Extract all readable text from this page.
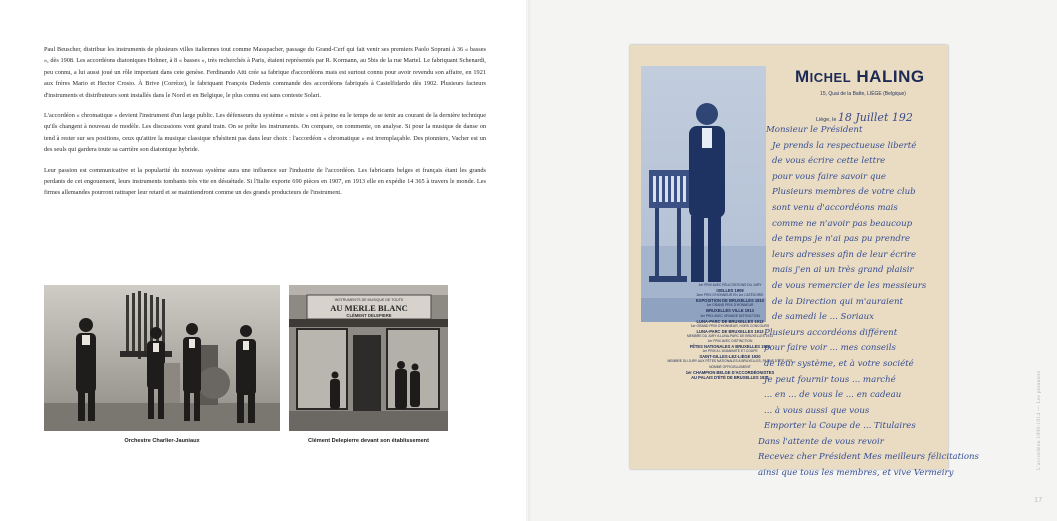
Paul Beuscher, distribue les instruments de plusieurs villes italiennes tout comme Masspacher, passage du Grand-Cerf qui fait venir ses premiers Paolo Soprani à 36 « basses », dès 1908. Les accordéons diatoniques Hohner, à 8 « basses », très recherchés à Paris, étaient représentés par R. Kormann, au 5bis de la rue Martel. Le fabriquant Schenardi, peu connu, a lui aussi joué un rôle important dans cete genèse. Ferdinando Atti crée sa fabrique d'accordéons mais est surtout connu pour avoir revendu son affaire, en 1921 aux frères Mario et Hector Crosio. À Brive (Corrèze), le fabriquant François Dedenis commande des accordéons fabriqués à Castelfidardo dès 1902. Plusieurs facteurs d'instruments et distributeurs sont installés dans le Nord et en Belgique, le plus connu est sans conteste Solari.

L'accordéon « chromatique » devient l'instrument d'un large public. Les défenseurs du système « mixte » ont à peine eu le temps de se tenir au courant de la dernière technique qu'ils changent à nouveau de modèle. Les discussions vont grand train. On se prête les instruments. On compare, on commente, on analyse. Si pour la musique de danse on tend à rester sur ses positions, ceux qu'attire la musique classique n'hésitent pas dans leur choix : l'accordéon « chromatique » est irremplaçable. Des pionniers, Vacher est un des seuls qui gardera toute sa carrière son diatonique hybride.

Leur passion est communicative et la popularité du nouveau système aura une influence sur l'industrie de l'accordéon. Les fabricants belges et français étant les grands perdants de cet engouement, leurs instruments tombants très vite en désuétude. Si l'Italie exporte 690 pièces en 1907, en 1913 elle en expédie 14 365 à travers le monde. Les firmes allemandes pourront rattraper leur retard et se maintiendront comme un des grands producteurs de l'instrument.

Orchestre Charlier-Jauniaux
INSTRUMENTS DE MUSIQUE DE TOUTE
AU MERLE BLANC
CLÉMENT DELEPIERE
Clément Delepierre devant son établissement
MICHEL HALING
15, Quai de la Batte, LIÈGE (Belgique)
Liège, le 18 Juillet 192
1er PRIX AVEC FÉLICITATIONS DU JURY
IXELLES 1909
3me PRIX D'HONNEUR EN 1re CATÉGORIE
EXPOSITION DE BRUXELLES 1910
1er GRAND PRIX D'HONNEUR
BRUXELLES VILLE 1913
1er PRIX AVEC GRANDE DISTINCTION
LUNA-PARC DE BRUXELLES 1913
1er GRAND PRIX D'HONNEUR, HORS CONCOURS
LUNA-PARC DE BRUXELLES 1913
MEMBRE DU JURY A LUNA-PARC DE BRUXELLES 1913
1er PRIX AVEC DISTINCTION
FÊTES NATIONALES A BRUXELLES 1920
1er PRIX A L'UNANIMITÉ ET COUPE
SAINT-GILLES-LEZ-LIÈGE 1920
MEMBRE DU JURY AUX FÊTES NATIONALES A BRUXELLES, PALAIS D'ÉTÉ 1921
NOMMÉ OFFICIELLEMENT
1er CHAMPION BELGE D'ACCORDÉONISTES
AU PALAIS D'ÉTÉ DE BRUXELLES 1921
Monsieur le Président
Je prends la respectueuse liberté
de vous écrire cette lettre
pour vous faire savoir que
Plusieurs membres de votre club
sont venu d'accordéons mais
comme ne n'avoir pas beaucoup
de temps je n'ai pas pu prendre
leurs adresses afin de leur écrire
mais j'en ai un très grand plaisir
de vous remercier de les messieurs
de la Direction qui m'auraient
de samedi le ... Soriaux
Plusieurs accordéons différent
pour faire voir ... mes conseils
de leur système, et à votre société
Je peut fournir tous ... marché
... en ... de vous le ... en cadeau
... à vous aussi que vous
Emporter la Coupe de ... Titulaires
Dans l'attente de vous revoir
Recevez cher Président Mes meilleurs félicitations
ainsi que tous les membres, et vive Vermeiry
L'accordéon 1890-1914 — Les pionniers
17
